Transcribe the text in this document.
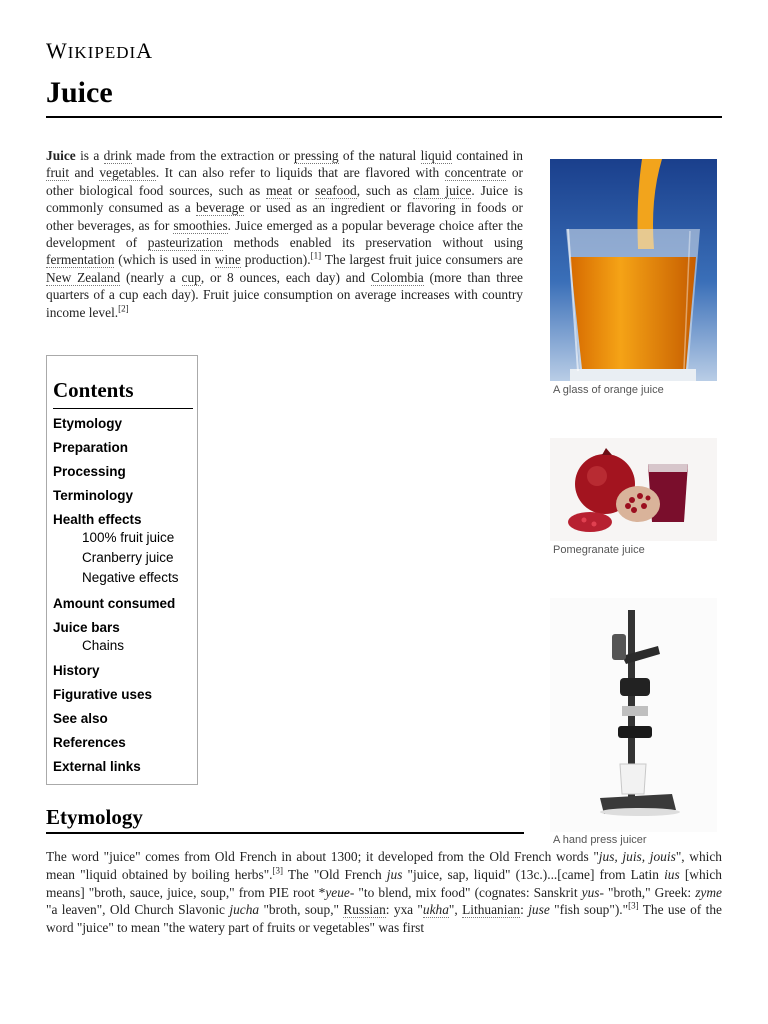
WIKIPEDIA
Juice

Juice is a drink made from the extraction or pressing of the natural liquid contained in fruit and vegetables. It can also refer to liquids that are flavored with concentrate or other biological food sources, such as meat or seafood, such as clam juice. Juice is commonly consumed as a beverage or used as an ingredient or flavoring in foods or other beverages, as for smoothies. Juice emerged as a popular beverage choice after the development of pasteurization methods enabled its preservation without using fermentation (which is used in wine production).[1] The largest fruit juice consumers are New Zealand (nearly a cup, or 8 ounces, each day) and Colombia (more than three quarters of a cup each day). Fruit juice consumption on average increases with country income level.[2]

A glass of orange juice
Pomegranate juice
A hand press juicer
Contents
Etymology
Preparation
Processing
Terminology
Health effects
100% fruit juice
Cranberry juice
Negative effects
Amount consumed
Juice bars
Chains
History
Figurative uses
See also
References
External links
Etymology

The word "juice" comes from Old French in about 1300; it developed from the Old French words "jus, juis, jouis", which mean "liquid obtained by boiling herbs".[3] The "Old French jus "juice, sap, liquid" (13c.)...[came] from Latin ius [which means] "broth, sauce, juice, soup," from PIE root *yeue- "to blend, mix food" (cognates: Sanskrit yus- "broth," Greek: zyme "a leaven", Old Church Slavonic jucha "broth, soup," Russian: уха "ukha", Lithuanian: juse "fish soup")."[3] The use of the word "juice" to mean "the watery part of fruits or vegetables" was first
